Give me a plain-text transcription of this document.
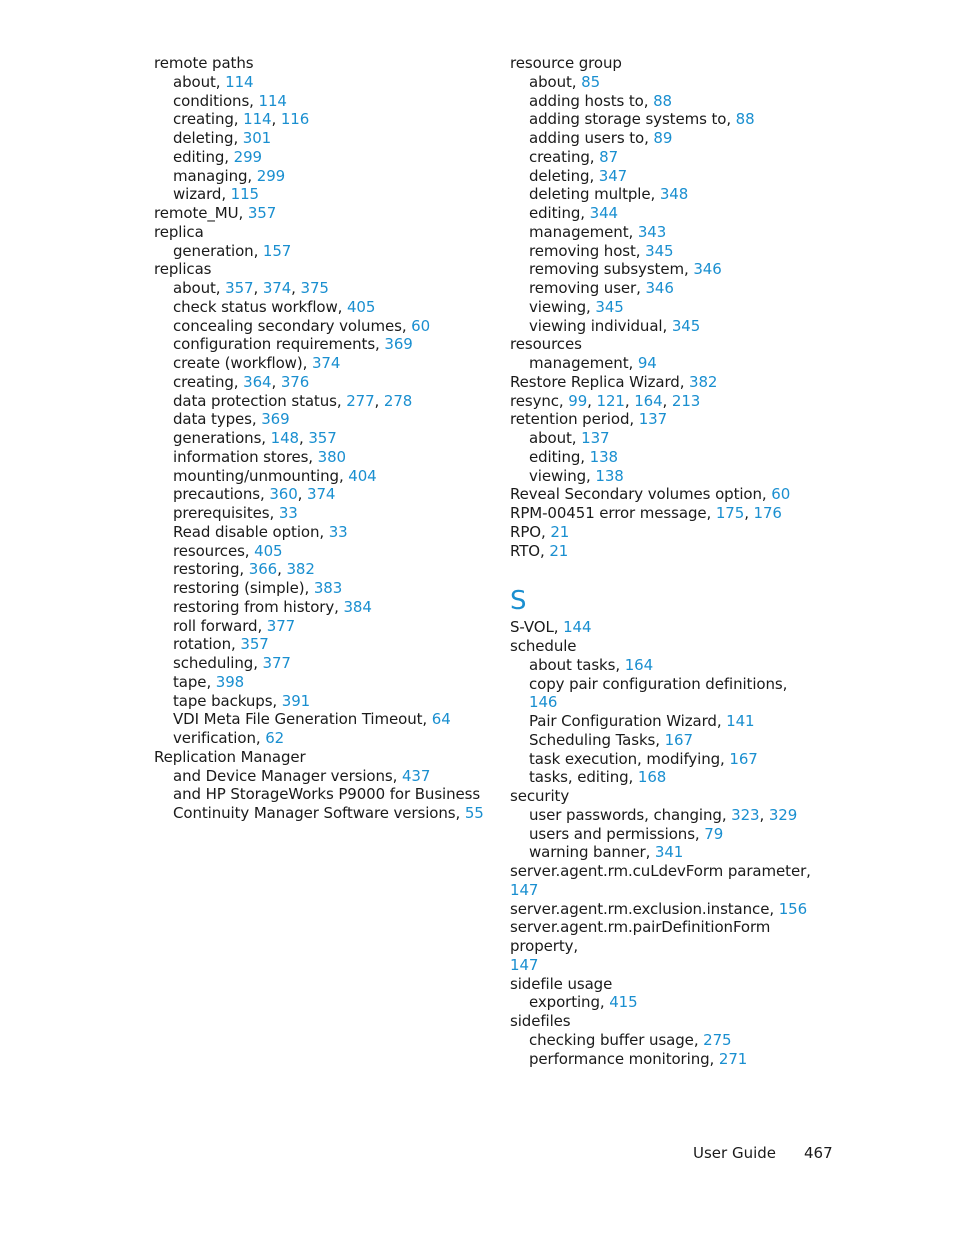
remote paths
about, 114
conditions, 114
creating, 114, 116
deleting, 301
editing, 299
managing, 299
wizard, 115
remote_MU, 357
replica
generation, 157
replicas
about, 357, 374, 375
check status workflow, 405
concealing secondary volumes, 60
configuration requirements, 369
create (workflow), 374
creating, 364, 376
data protection status, 277, 278
data types, 369
generations, 148, 357
information stores, 380
mounting/unmounting, 404
precautions, 360, 374
prerequisites, 33
Read disable option, 33
resources, 405
restoring, 366, 382
restoring (simple), 383
restoring from history, 384
roll forward, 377
rotation, 357
scheduling, 377
tape, 398
tape backups, 391
VDI Meta File Generation Timeout, 64
verification, 62
Replication Manager
and Device Manager versions, 437
and HP StorageWorks P9000 for Business
Continuity Manager Software versions, 55
resource group
about, 85
adding hosts to, 88
adding storage systems to, 88
adding users to, 89
creating, 87
deleting, 347
deleting multple, 348
editing, 344
management, 343
removing host, 345
removing subsystem, 346
removing user, 346
viewing, 345
viewing individual, 345
resources
management, 94
Restore Replica Wizard, 382
resync, 99, 121, 164, 213
retention period, 137
about, 137
editing, 138
viewing, 138
Reveal Secondary volumes option, 60
RPM-00451 error message, 175, 176
RPO, 21
RTO, 21
S
S-VOL, 144
schedule
about tasks, 164
copy pair configuration definitions, 146
Pair Configuration Wizard, 141
Scheduling Tasks, 167
task execution, modifying, 167
tasks, editing, 168
security
user passwords, changing, 323, 329
users and permissions, 79
warning banner, 341
server.agent.rm.cuLdevForm parameter, 147
server.agent.rm.exclusion.instance, 156
server.agent.rm.pairDefinitionForm property,
147
sidefile usage
exporting, 415
sidefiles
checking buffer usage, 275
performance monitoring, 271
User Guide 467
